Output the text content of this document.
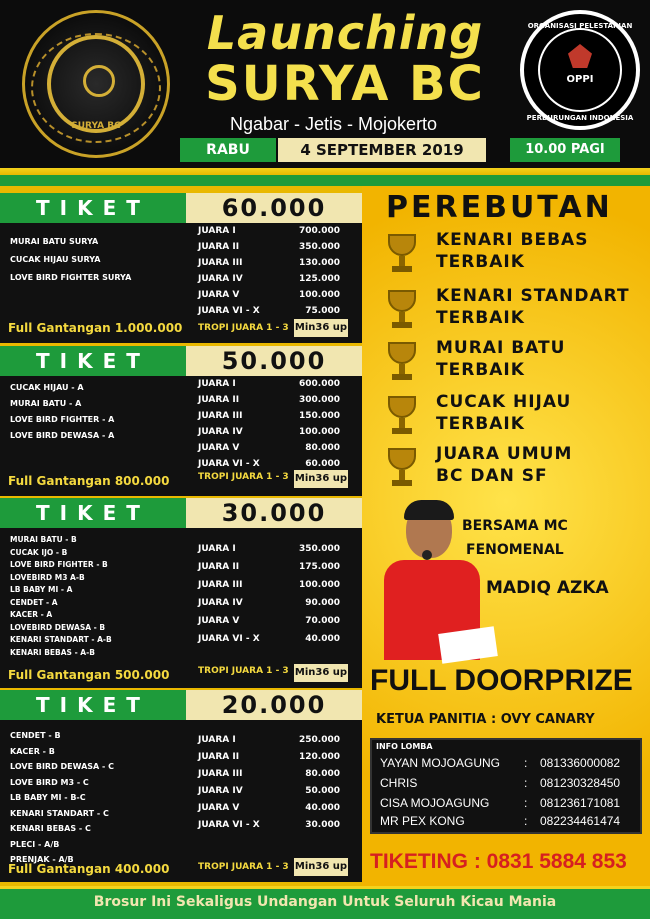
SURYA BC
Launching
SURYA BC
Ngabar - Jetis - Mojokerto
RABU	4 SEPTEMBER 2019	10.00 PAGI
ORGANISASI PELESTARIAN
OPPI
PERBURUNGAN INDONESIA
TIKET	60.000
MURAI BATU SURYA
CUCAK HIJAU SURYA
LOVE BIRD FIGHTER SURYA
JUARA I	700.000
JUARA II	350.000
JUARA III	130.000
JUARA IV	125.000
JUARA V	100.000
JUARA VI - X	75.000
Full Gantangan 1.000.000 TROPI JUARA 1 - 3 Min36 up
TIKET	50.000
CUCAK HIJAU - A
MURAI BATU - A
LOVE BIRD FIGHTER - A
LOVE BIRD DEWASA - A
JUARA I	600.000
JUARA II	300.000
JUARA III	150.000
JUARA IV	100.000
JUARA V	80.000
JUARA VI - X	60.000
Full Gantangan 800.000	TROPI JUARA 1 - 3 Min36 up
TIKET	30.000
MURAI BATU - B
CUCAK IJO - B
LOVE BIRD FIGHTER - B
LOVEBIRD M3 A-B
LB BABY MI - A
CENDET - A
KACER - A
LOVEBIRD DEWASA - B
KENARI STANDART - A-B
KENARI BEBAS - A-B
JUARA I	350.000
JUARA II	175.000
JUARA III	100.000
JUARA IV	90.000
JUARA V	70.000
JUARA VI - X	40.000
Full Gantangan 500.000	TROPI JUARA 1 - 3 Min36 up
TIKET	20.000
CENDET - B
KACER - B
LOVE BIRD DEWASA - C
LOVE BIRD M3 - C
LB BABY MI - B-C
KENARI STANDART - C
KENARI BEBAS - C
PLECI - A/B
PRENJAK - A/B
JUARA I	250.000
JUARA II	120.000
JUARA III	80.000
JUARA IV	50.000
JUARA V	40.000
JUARA VI - X	30.000
Full Gantangan 400.000	TROPI JUARA 1 - 3 Min36 up
PEREBUTAN
KENARI BEBAS
TERBAIK
KENARI STANDART
TERBAIK
MURAI BATU
TERBAIK
CUCAK HIJAU
TERBAIK
JUARA UMUM
BC DAN SF
BERSAMA MC
FENOMENAL
MADIQ AZKA
FULL DOORPRIZE
KETUA PANITIA : OVY CANARY
INFO LOMBA
YAYAN MOJOAGUNG : 081336000082
CHRIS	: 081230328450
CISA MOJOAGUNG	: 081236171081
MR PEX KONG	: 082234461474
TIKETING : 0831 5884 853
Brosur Ini Sekaligus Undangan Untuk Seluruh Kicau Mania
